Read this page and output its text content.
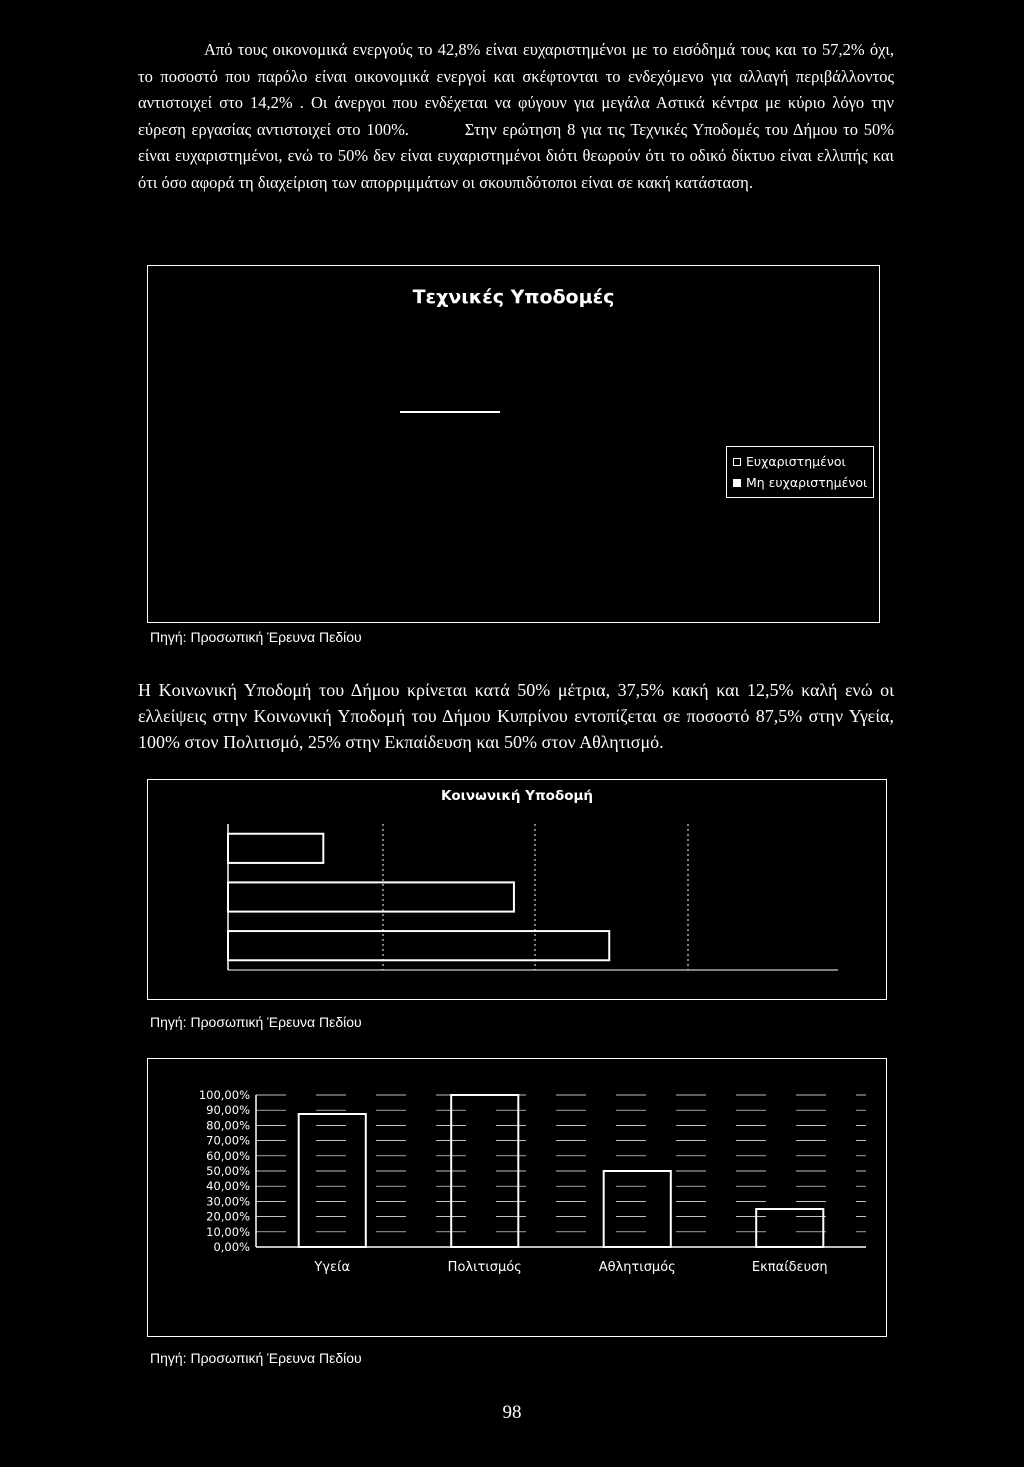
Από τους οικονομικά ενεργούς το 42,8% είναι ευχαριστημένοι με το εισόδημά τους και το 57,2% όχι, το ποσοστό που παρόλο είναι οικονομικά ενεργοί και σκέφτονται το ενδεχόμενο για αλλαγή περιβάλλοντος αντιστοιχεί στο 14,2% . Οι άνεργοι που ενδέχεται να φύγουν για μεγάλα Αστικά κέντρα με κύριο λόγο την εύρεση εργασίας αντιστοιχεί στο 100%.	Στην ερώτηση 8 για τις Τεχνικές Υποδομές του Δήμου το 50% είναι ευχαριστημένοι, ενώ το 50% δεν είναι ευχαριστημένοι διότι θεωρούν ότι το οδικό δίκτυο είναι ελλιπής και ότι όσο αφορά τη διαχείριση των απορριμμάτων οι σκουπιδότοποι είναι σε κακή κατάσταση.

Τεχνικές Υποδομές
Ευχαριστημένοι
Μη ευχαριστημένοι
Πηγή: Προσωπική Έρευνα Πεδίου

Η Κοινωνική Υποδομή του Δήμου κρίνεται κατά 50% μέτρια, 37,5% κακή και 12,5% καλή ενώ οι ελλείψεις στην Κοινωνική Υποδομή του Δήμου Κυπρίνου εντοπίζεται σε ποσοστό 87,5% στην Υγεία, 100% στον Πολιτισμό, 25% στην Εκπαίδευση και 50% στον Αθλητισμό.

Κοινωνική Υποδομή
Πηγή: Προσωπική Έρευνα Πεδίου
100,00%
90,00%
80,00%
70,00%
60,00%
50,00%
40,00%
30,00%
20,00%
10,00%
0,00%
Υγεία	Πολιτισμός	Αθλητισμός	Εκπαίδευση
Πηγή: Προσωπική Έρευνα Πεδίου
98
